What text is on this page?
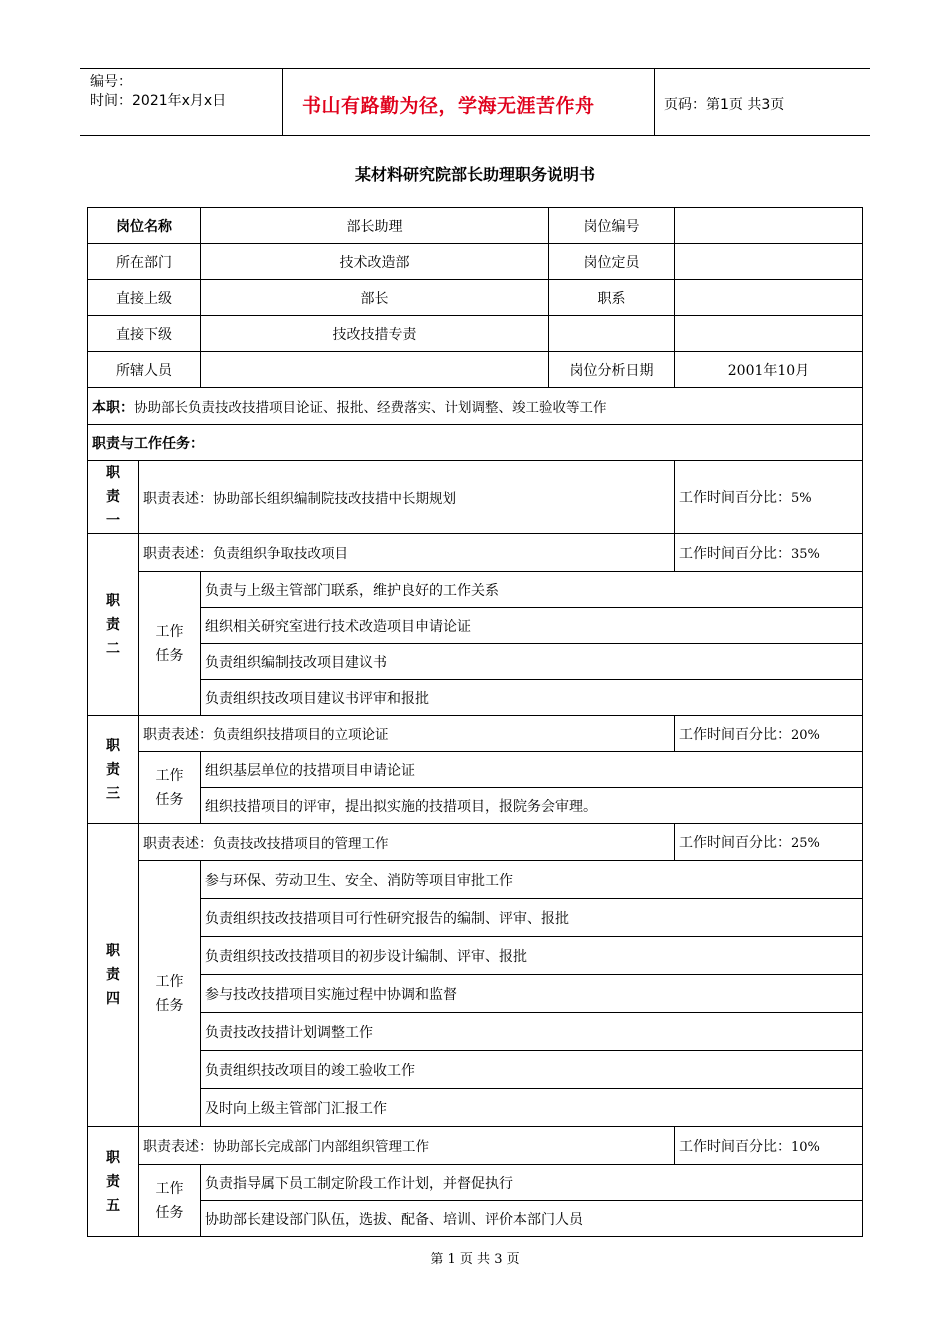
编号：
时间：2021年x月x日	书山有路勤为径，学海无涯苦作舟	页码：第1页 共3页
某材料研究院部长助理职务说明书
岗位名称		部长助理	岗位编号	
所在部门		技术改造部	岗位定员	
直接上级		部长	职系	
直接下级		技改技措专责		
所辖人员			岗位分析日期	2001年10月
本职：协助部长负责技改技措项目论证、报批、经费落实、计划调整、竣工验收等工作				
职责与工作任务：				

职
责
一	职责表述：协助部长组织编制院技改技措中长期规划			工作时间百分比：5%

职
责
二	职责表述：负责组织争取技改项目			工作时间百分比：35%

	工作
任务	负责与上级主管部门联系，维护良好的工作关系		
		组织相关研究室进行技术改造项目申请论证		
		负责组织编制技改项目建议书		
		负责组织技改项目建议书评审和报批		

职
责
三	职责表述：负责组织技措项目的立项论证			工作时间百分比：20%

	工作
任务	组织基层单位的技措项目申请论证		
		组织技措项目的评审，提出拟实施的技措项目，报院务会审理。		

职
责
四	职责表述：负责技改技措项目的管理工作			工作时间百分比：25%

	工作
任务	参与环保、劳动卫生、安全、消防等项目审批工作		
		负责组织技改技措项目可行性研究报告的编制、评审、报批		
		负责组织技改技措项目的初步设计编制、评审、报批		
		参与技改技措项目实施过程中协调和监督		
		负责技改技措计划调整工作		
		负责组织技改项目的竣工验收工作		
		及时向上级主管部门汇报工作		

职
责
五	职责表述：协助部长完成部门内部组织管理工作			工作时间百分比：10%

	工作
任务	负责指导属下员工制定阶段工作计划，并督促执行		
		协助部长建设部门队伍，选拔、配备、培训、评价本部门人员		
第 1 页 共 3 页
